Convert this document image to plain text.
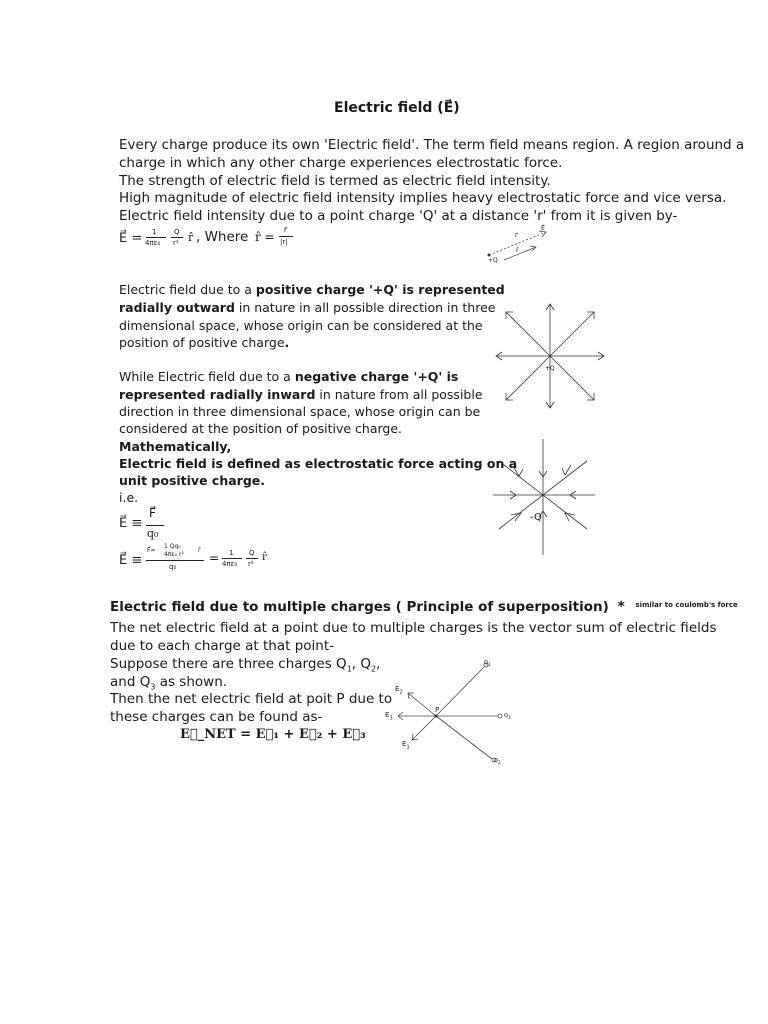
Electric field (E⃗)
Every charge produce its own 'Electric field'. The term field means region. A region around a
charge in which any other charge experiences electrostatic force.
The strength of electric field is termed as electric field intensity.
High magnitude of electric field intensity implies heavy electrostatic force and vice versa.
Electric field intensity due to a point charge 'Q' at a distance 'r' from it is given by-
E⃗ = 1
4πε₀
Q
r² r̂ , Where r̂ = r⃗
|r|
+Q
r⃗
r̂
E⃗
Electric field due to a positive charge '+Q' is represented
radially outward in nature in all possible direction in three
dimensional space, whose origin can be considered at the
position of positive charge.
+Q
While Electric field due to a negative charge '+Q' is
represented radially inward in nature from all possible
direction in three dimensional space, whose origin can be
considered at the position of positive charge.
Mathematically,
Electric field is defined as electrostatic force acting on a
unit positive charge.
i.e.
-Q
E⃗ ≡
F⃗
q₀
E⃗ ≡
F⃗=
1 Qq₀
4πε₀ r²
r̂
q₀
= 1
4πε₀
Q
r²
r̂
Electric field due to multiple charges ( Principle of superposition) * $^{similar to coulomb's force}$
The net electric field at a point due to multiple charges is the vector sum of electric fields
due to each charge at that point-
Suppose there are three charges $Q_1$, $Q_2$,
and $Q_3$ as shown.
Then the net electric field at poit P due to
these charges can be found as-
E⃗_NET = E⃗₁ + E⃗₂ + E⃗₃
$E_2$
$E_3$
$E_1$
P
$Q_1$
$Q_3$
$Q_2$
